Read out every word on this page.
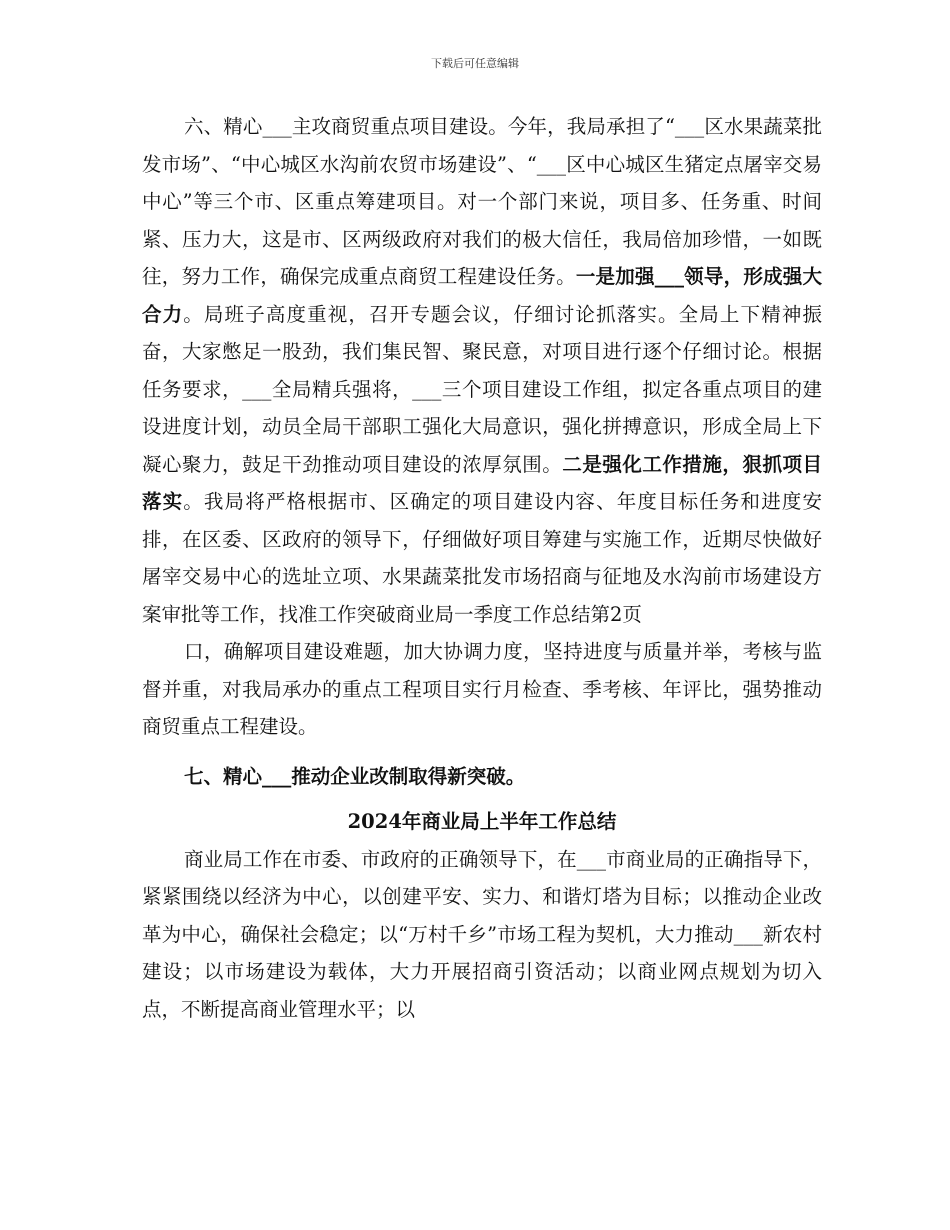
下载后可任意编辑

六、精心___主攻商贸重点项目建设。今年，我局承担了“___区水果蔬菜批发市场”、“中心城区水沟前农贸市场建设”、“___区中心城区生猪定点屠宰交易中心”等三个市、区重点筹建项目。对一个部门来说，项目多、任务重、时间紧、压力大，这是市、区两级政府对我们的极大信任，我局倍加珍惜，一如既往，努力工作，确保完成重点商贸工程建设任务。一是加强___领导，形成强大合力。局班子高度重视，召开专题会议，仔细讨论抓落实。全局上下精神振奋，大家憋足一股劲，我们集民智、聚民意，对项目进行逐个仔细讨论。根据任务要求，___全局精兵强将，___三个项目建设工作组，拟定各重点项目的建设进度计划，动员全局干部职工强化大局意识，强化拼搏意识，形成全局上下凝心聚力，鼓足干劲推动项目建设的浓厚氛围。二是强化工作措施，狠抓项目落实。我局将严格根据市、区确定的项目建设内容、年度目标任务和进度安排，在区委、区政府的领导下，仔细做好项目筹建与实施工作，近期尽快做好屠宰交易中心的选址立项、水果蔬菜批发市场招商与征地及水沟前市场建设方案审批等工作，找准工作突破商业局一季度工作总结第2页

口，确解项目建设难题，加大协调力度，坚持进度与质量并举，考核与监督并重，对我局承办的重点工程项目实行月检查、季考核、年评比，强势推动商贸重点工程建设。

七、精心___推动企业改制取得新突破。

2024年商业局上半年工作总结

商业局工作在市委、市政府的正确领导下，在___市商业局的正确指导下，紧紧围绕以经济为中心，以创建平安、实力、和谐灯塔为目标；以推动企业改革为中心，确保社会稳定；以“万村千乡”市场工程为契机，大力推动___新农村建设；以市场建设为载体，大力开展招商引资活动；以商业网点规划为切入点，不断提高商业管理水平；以
